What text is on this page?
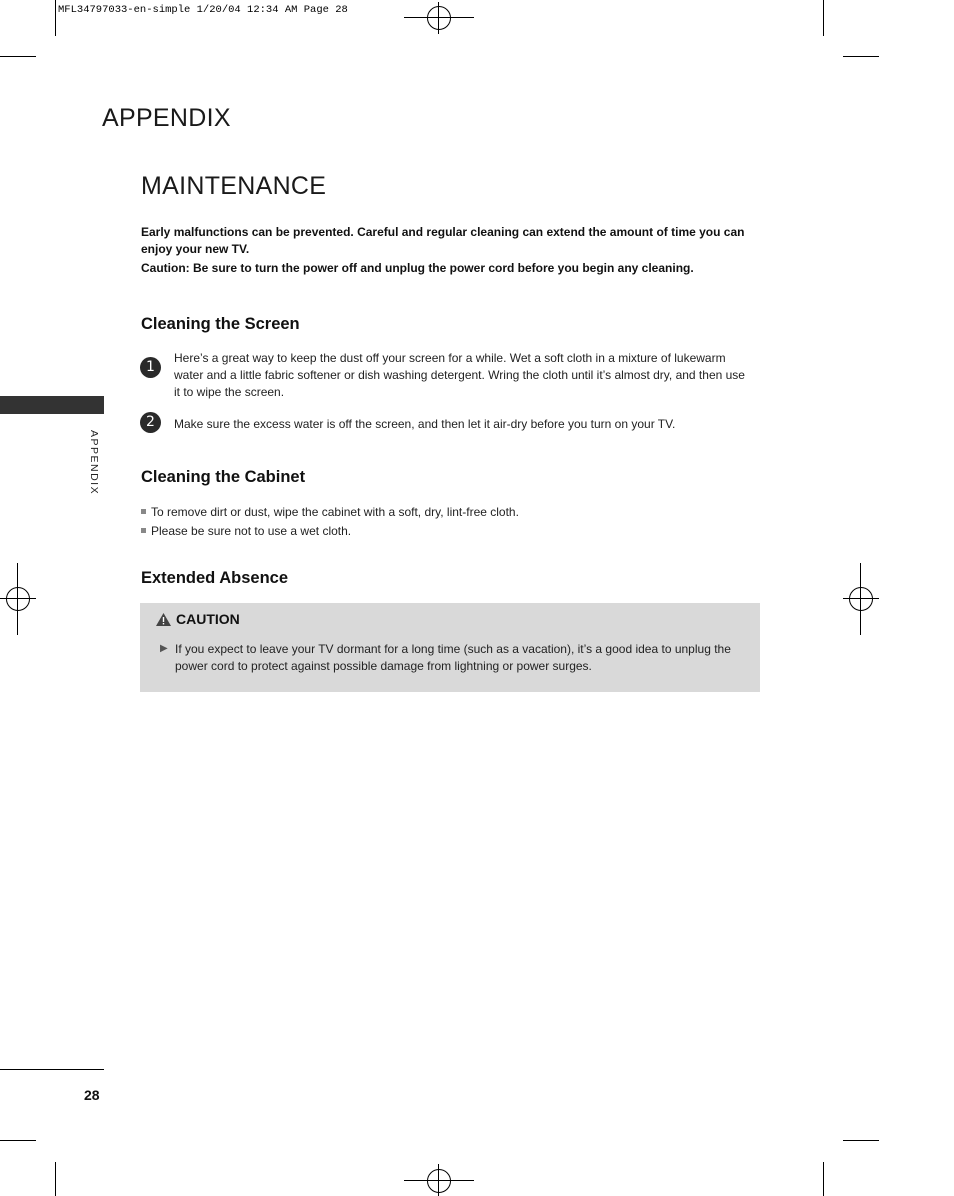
MFL34797033-en-simple 1/20/04 12:34 AM Page 28
APPENDIX
MAINTENANCE

Early malfunctions can be prevented. Careful and regular cleaning can extend the amount of time you can enjoy your new TV.

Caution: Be sure to turn the power off and unplug the power cord before you begin any cleaning.

Cleaning the Screen
1

Here’s a great way to keep the dust off your screen for a while. Wet a soft cloth in a mixture of lukewarm water and a little fabric softener or dish washing detergent. Wring the cloth until it’s almost dry, and then use it to wipe the screen.

2	Make sure the excess water is off the screen, and then let it air-dry before you turn on your TV.

APPENDIX Cleaning the Cabinet
To remove dirt or dust, wipe the cabinet with a soft, dry, lint-free cloth.
Please be sure not to use a wet cloth.
Extended Absence
CAUTION
▶ If you expect to leave your TV dormant for a long time (such as a vacation), it’s a good idea to unplug the power cord to protect against possible damage from lightning or power surges.

28
